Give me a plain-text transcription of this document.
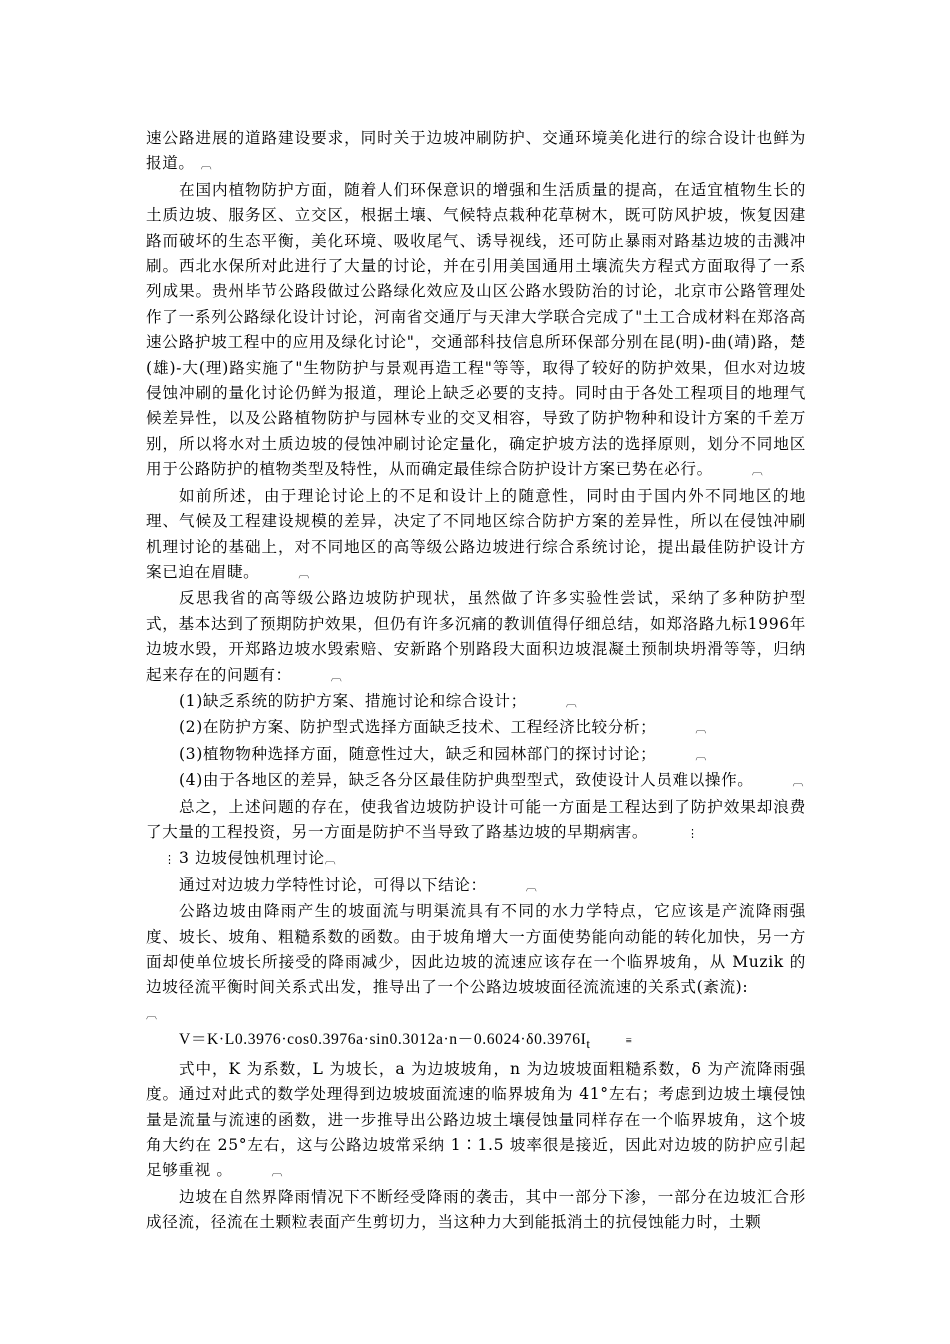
速公路进展的道路建设要求，同时关于边坡冲刷防护、交通环境美化进行的综合设计也鲜为报道。 ︹

在国内植物防护方面，随着人们环保意识的增强和生活质量的提高，在适宜植物生长的土质边坡、服务区、立交区，根据土壤、气候特点栽种花草树木，既可防风护坡，恢复因建路而破坏的生态平衡，美化环境、吸收尾气、诱导视线，还可防止暴雨对路基边坡的击溅冲刷。西北水保所对此进行了大量的讨论，并在引用美国通用土壤流失方程式方面取得了一系列成果。贵州毕节公路段做过公路绿化效应及山区公路水毁防治的讨论，北京市公路管理处作了一系列公路绿化设计讨论，河南省交通厅与天津大学联合完成了"土工合成材料在郑洛高速公路护坡工程中的应用及绿化讨论"，交通部科技信息所环保部分别在昆(明)-曲(靖)路，楚(雄)-大(理)路实施了"生物防护与景观再造工程"等等，取得了较好的防护效果，但水对边坡侵蚀冲刷的量化讨论仍鲜为报道，理论上缺乏必要的支持。同时由于各处工程项目的地理气候差异性，以及公路植物防护与园林专业的交叉相容，导致了防护物种和设计方案的千差万别，所以将水对土质边坡的侵蚀冲刷讨论定量化，确定护坡方法的选择原则，划分不同地区用于公路防护的植物类型及特性，从而确定最佳综合防护设计方案已势在必行。	︹

如前所述，由于理论讨论上的不足和设计上的随意性，同时由于国内外不同地区的地理、气候及工程建设规模的差异，决定了不同地区综合防护方案的差异性，所以在侵蚀冲刷机理讨论的基础上，对不同地区的高等级公路边坡进行综合系统讨论，提出最佳防护设计方案已迫在眉睫。	︹

反思我省的高等级公路边坡防护现状，虽然做了许多实验性尝试，采纳了多种防护型式，基本达到了预期防护效果，但仍有许多沉痛的教训值得仔细总结，如郑洛路九标1996年边坡水毁，开郑路边坡水毁索赔、安新路个别路段大面积边坡混凝土预制块坍滑等等，归纳起来存在的问题有：	︹

(1)缺乏系统的防护方案、措施讨论和综合设计；	︹

(2)在防护方案、防护型式选择方面缺乏技术、工程经济比较分析；	︹

(3)植物物种选择方面，随意性过大，缺乏和园林部门的探讨讨论；	︹

(4)由于各地区的差异，缺乏各分区最佳防护典型型式，致使设计人员难以操作。	︹

总之，上述问题的存在，使我省边坡防护设计可能一方面是工程达到了防护效果却浪费了大量的工程投资，另一方面是防护不当导致了路基边坡的早期病害。	⋮

⋮ 3 边坡侵蚀机理讨论︹

通过对边坡力学特性讨论，可得以下结论：	︹

公路边坡由降雨产生的坡面流与明渠流具有不同的水力学特点，它应该是产流降雨强度、坡长、坡角、粗糙系数的函数。由于坡角增大一方面使势能向动能的转化加快，另一方面却使单位坡长所接受的降雨减少，因此边坡的流速应该存在一个临界坡角，从 Muzik 的边坡径流平衡时间关系式出发，推导出了一个公路边坡坡面径流流速的关系式(紊流):

︹

$V=K\cdot L0.3976\cdot\cos 0.3976a\cdot\sin 0.3012a\cdot n-0.6024\cdot\delta 0.3976I_t$	≡

式中，K 为系数，L 为坡长，a 为边坡坡角，n 为边坡坡面粗糙系数，δ 为产流降雨强度。通过对此式的数学处理得到边坡坡面流速的临界坡角为 41°左右；考虑到边坡土壤侵蚀量是流量与流速的函数，进一步推导出公路边坡土壤侵蚀量同样存在一个临界坡角，这个坡角大约在 25°左右，这与公路边坡常采纳 1∶1.5 坡率很是接近，因此对边坡的防护应引起足够重视 。	︹

边坡在自然界降雨情况下不断经受降雨的袭击，其中一部分下渗，一部分在边坡汇合形成径流，径流在土颗粒表面产生剪切力，当这种力大到能抵消土的抗侵蚀能力时，土颗
